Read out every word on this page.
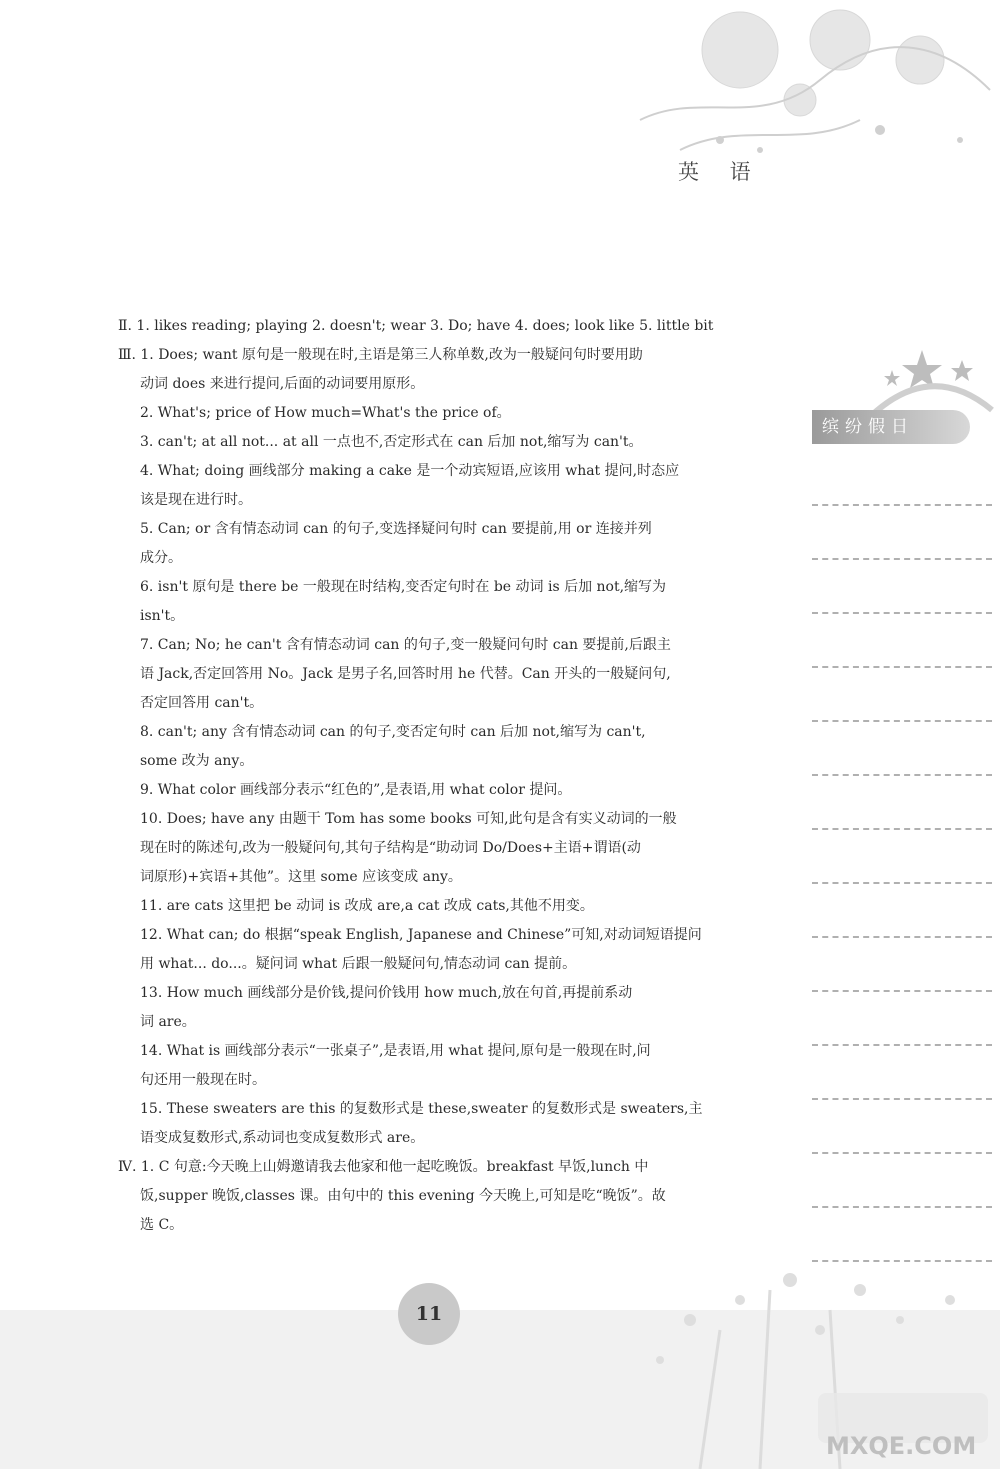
英 语
Ⅱ. 1. likes reading; playing 2. doesn't; wear 3. Do; have 4. does; look like 5. little bit
Ⅲ. 1. Does; want 原句是一般现在时,主语是第三人称单数,改为一般疑问句时要用助
动词 does 来进行提问,后面的动词要用原形。
2. What's; price of How much=What's the price of。
3. can't; at all not... at all 一点也不,否定形式在 can 后加 not,缩写为 can't。
4. What; doing 画线部分 making a cake 是一个动宾短语,应该用 what 提问,时态应
该是现在进行时。
5. Can; or 含有情态动词 can 的句子,变选择疑问句时 can 要提前,用 or 连接并列
成分。
6. isn't 原句是 there be 一般现在时结构,变否定句时在 be 动词 is 后加 not,缩写为
isn't。
7. Can; No; he can't 含有情态动词 can 的句子,变一般疑问句时 can 要提前,后跟主
语 Jack,否定回答用 No。Jack 是男子名,回答时用 he 代替。Can 开头的一般疑问句,
否定回答用 can't。
8. can't; any 含有情态动词 can 的句子,变否定句时 can 后加 not,缩写为 can't,
some 改为 any。
9. What color 画线部分表示“红色的”,是表语,用 what color 提问。
10. Does; have any 由题干 Tom has some books 可知,此句是含有实义动词的一般
现在时的陈述句,改为一般疑问句,其句子结构是“助动词 Do/Does+主语+谓语(动
词原形)+宾语+其他”。这里 some 应该变成 any。
11. are cats 这里把 be 动词 is 改成 are,a cat 改成 cats,其他不用变。
12. What can; do 根据“speak English, Japanese and Chinese”可知,对动词短语提问
用 what... do...。疑问词 what 后跟一般疑问句,情态动词 can 提前。
13. How much 画线部分是价钱,提问价钱用 how much,放在句首,再提前系动
词 are。
14. What is 画线部分表示“一张桌子”,是表语,用 what 提问,原句是一般现在时,问
句还用一般现在时。
15. These sweaters are this 的复数形式是 these,sweater 的复数形式是 sweaters,主
语变成复数形式,系动词也变成复数形式 are。
Ⅳ. 1. C 句意:今天晚上山姆邀请我去他家和他一起吃晚饭。breakfast 早饭,lunch 中
饭,supper 晚饭,classes 课。由句中的 this evening 今天晚上,可知是吃“晚饭”。故
选 C。
缤纷假日
11
MXQE.COM
